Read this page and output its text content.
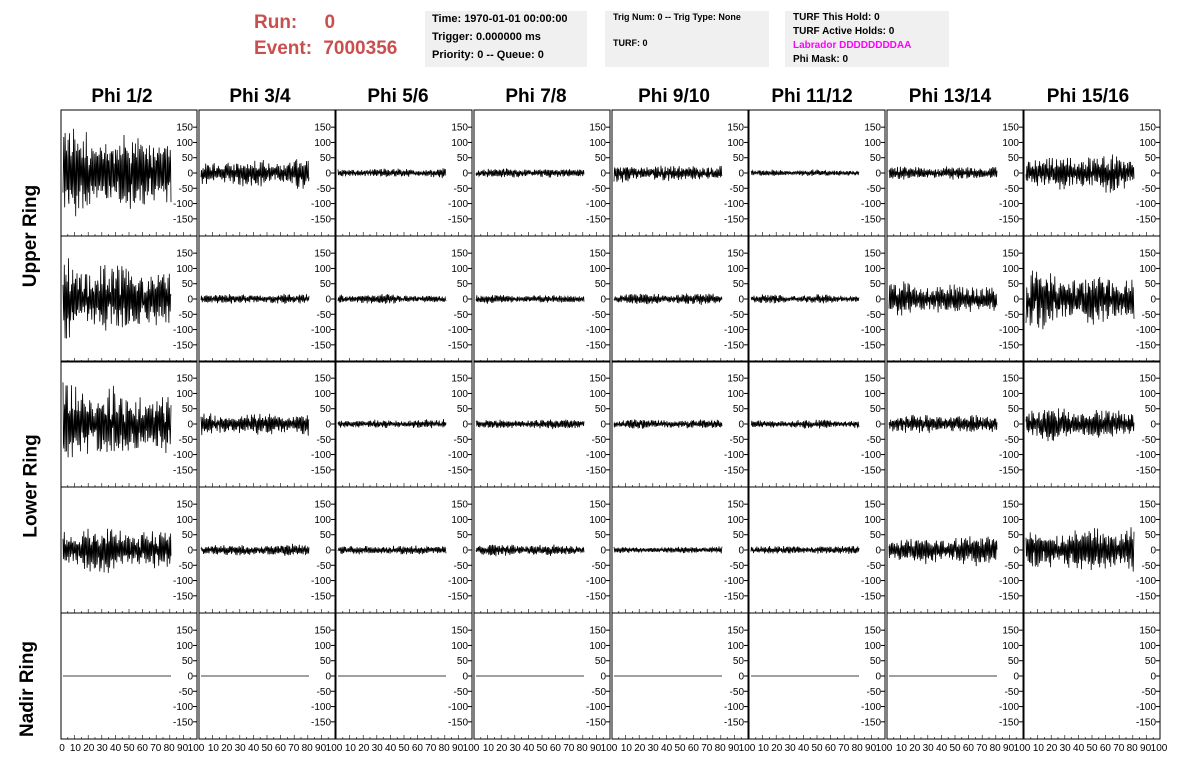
Run: 0
Event: 7000356
Time: 1970-01-01 00:00:00
Trigger: 0.000000 ms
Priority: 0 -- Queue: 0
Trig Num: 0 -- Trig Type: None
TURF: 0
TURF This Hold: 0
TURF Active Holds: 0
Labrador DDDDDDDDAA
Phi Mask: 0
Phi 1/2	Phi 3/4	Phi 5/6	Phi 7/8	Phi 9/10	Phi 11/12	Phi 13/14	Phi 15/16
Upper Ring
Lower Ring
Nadir Ring
150
100
50
0
-50
-100
-150
150
100
50
0
-50
-100
-150
150
100
50
0
-50
-100
-150
150
100
50
0
-50
-100
-150
150
100
50
0
-50
-100
-150
150
100
50
0
-50
-100
-150
150
100
50
0
-50
-100
-150
150
100
50
0
-50
-100
-150
150
100
50
0
-50
-100
-150
150
100
50
0
-50
-100
-150
150
100
50
0
-50
-100
-150
150
100
50
0
-50
-100
-150
150
100
50
0
-50
-100
-150
150
100
50
0
-50
-100
-150
150
100
50
0
-50
-100
-150
150
100
50
0
-50
-100
-150
150
100
50
0
-50
-100
-150
150
100
50
0
-50
-100
-150
150
100
50
0
-50
-100
-150
150
100
50
0
-50
-100
-150
150
100
50
0
-50
-100
-150
150
100
50
0
-50
-100
-150
150
100
50
0
-50
-100
-150
150
100
50
0
-50
-100
-150
150
100
50
0
-50
-100
-150
150
100
50
0
-50
-100
-150
150
100
50
0
-50
-100
-150
150
100
50
0
-50
-100
-150
150
100
50
0
-50
-100
-150
150
100
50
0
-50
-100
-150
150
100
50
0
-50
-100
-150
150
100
50
0
-50
-100
-150
150
100
50
0
-50
-100
-150
0 10 20 30 40 50 60 70 80 90 100
150
100
50
0
-50
-100
-150
10 20 30 40 50 60 70 80 90 100
150
100
50
0
-50
-100
-150
10 20 30 40 50 60 70 80 90 100
150
100
50
0
-50
-100
-150
10 20 30 40 50 60 70 80 90 100
150
100
50
0
-50
-100
-150
10 20 30 40 50 60 70 80 90 100
150
100
50
0
-50
-100
-150
10 20 30 40 50 60 70 80 90 100
150
100
50
0
-50
-100
-150
10 20 30 40 50 60 70 80 90 100
150
100
50
0
-50
-100
-150
10 20 30 40 50 60 70 80 90 100
